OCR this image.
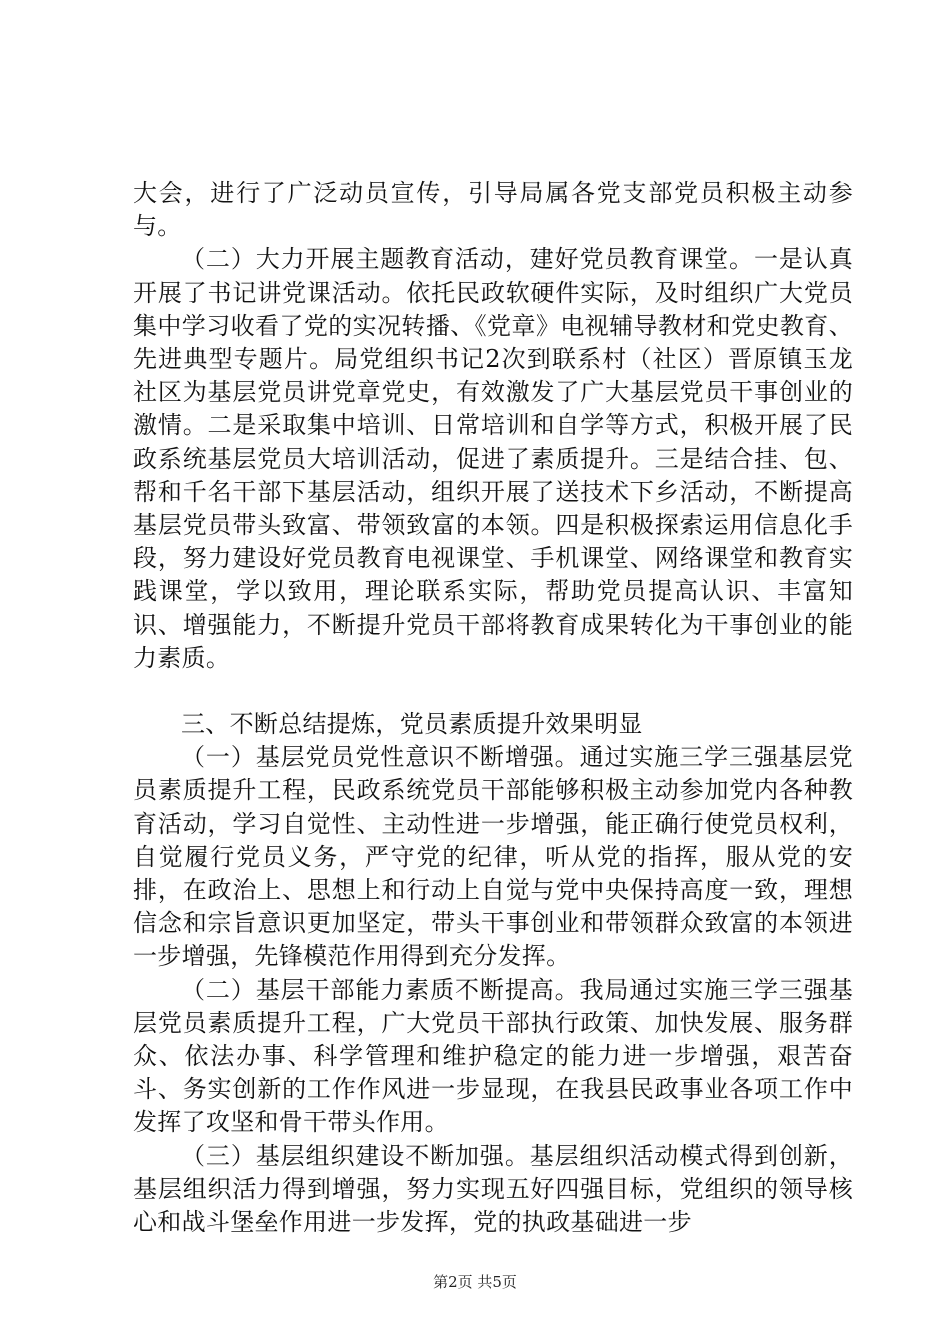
大会，进行了广泛动员宣传，引导局属各党支部党员积极主动参与。

（二）大力开展主题教育活动，建好党员教育课堂。一是认真开展了书记讲党课活动。依托民政软硬件实际，及时组织广大党员集中学习收看了党的实况转播、《党章》电视辅导教材和党史教育、先进典型专题片。局党组织书记2次到联系村（社区）晋原镇玉龙社区为基层党员讲党章党史，有效激发了广大基层党员干事创业的激情。二是采取集中培训、日常培训和自学等方式，积极开展了民政系统基层党员大培训活动，促进了素质提升。三是结合挂、包、帮和千名干部下基层活动，组织开展了送技术下乡活动，不断提高基层党员带头致富、带领致富的本领。四是积极探索运用信息化手段，努力建设好党员教育电视课堂、手机课堂、网络课堂和教育实践课堂，学以致用，理论联系实际，帮助党员提高认识、丰富知识、增强能力，不断提升党员干部将教育成果转化为干事创业的能力素质。

三、不断总结提炼，党员素质提升效果明显

（一）基层党员党性意识不断增强。通过实施三学三强基层党员素质提升工程，民政系统党员干部能够积极主动参加党内各种教育活动，学习自觉性、主动性进一步增强，能正确行使党员权利，自觉履行党员义务，严守党的纪律，听从党的指挥，服从党的安排，在政治上、思想上和行动上自觉与党中央保持高度一致，理想信念和宗旨意识更加坚定，带头干事创业和带领群众致富的本领进一步增强，先锋模范作用得到充分发挥。

（二）基层干部能力素质不断提高。我局通过实施三学三强基层党员素质提升工程，广大党员干部执行政策、加快发展、服务群众、依法办事、科学管理和维护稳定的能力进一步增强，艰苦奋斗、务实创新的工作作风进一步显现，在我县民政事业各项工作中发挥了攻坚和骨干带头作用。

（三）基层组织建设不断加强。基层组织活动模式得到创新，基层组织活力得到增强，努力实现五好四强目标，党组织的领导核心和战斗堡垒作用进一步发挥，党的执政基础进一步

第2页 共5页
